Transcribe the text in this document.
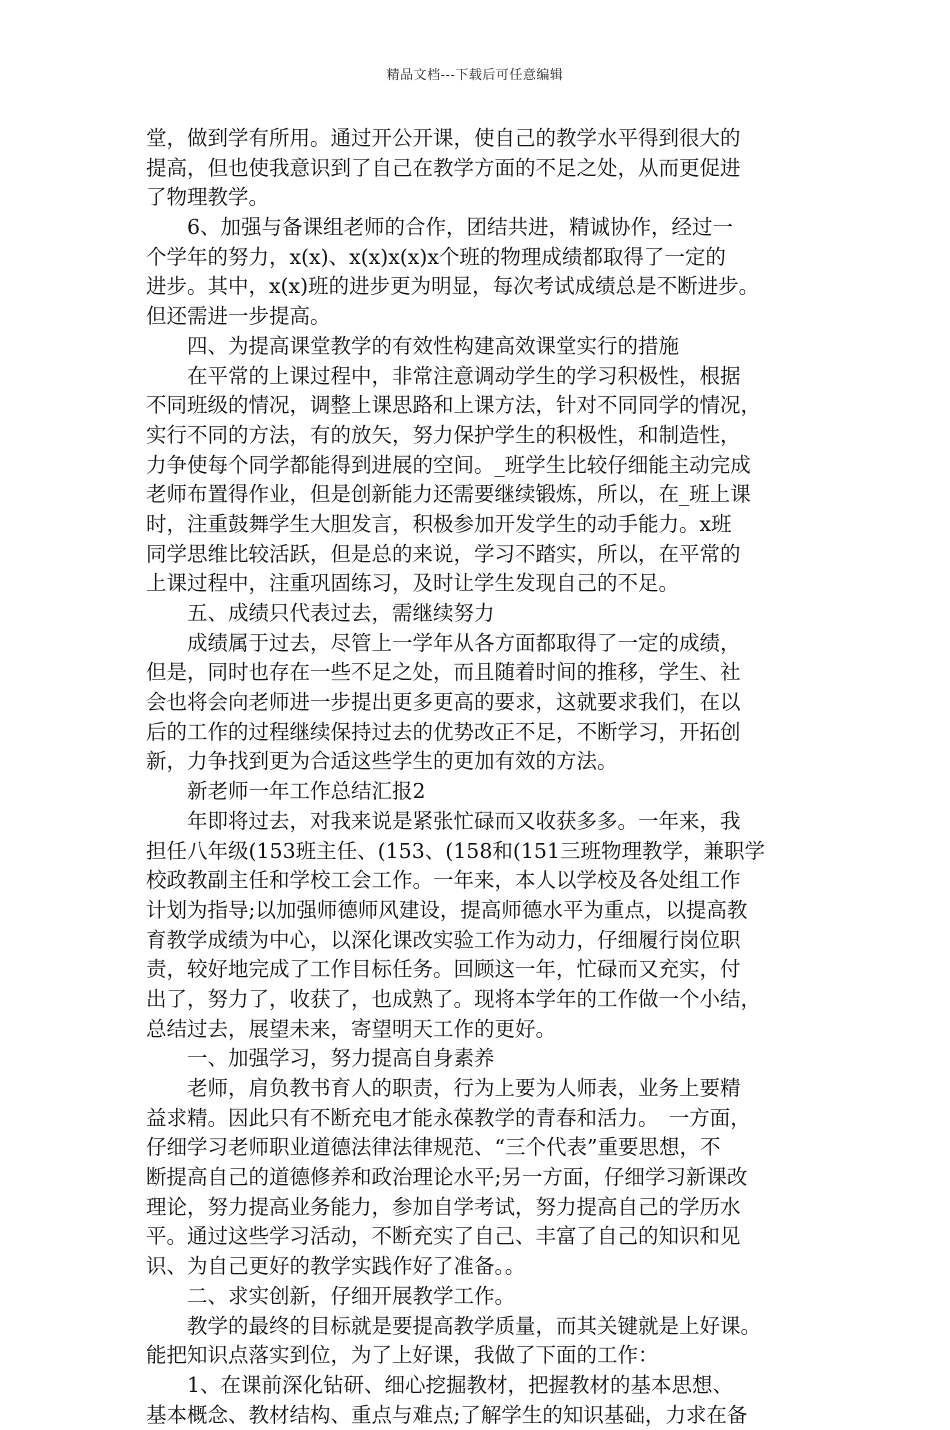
精品文档---下载后可任意编辑
堂，做到学有所用。通过开公开课，使自己的教学水平得到很大的
提高，但也使我意识到了自己在教学方面的不足之处，从而更促进
了物理教学。
　　6、加强与备课组老师的合作，团结共进，精诚协作，经过一
个学年的努力，x(x)、x(x)x(x)x个班的物理成绩都取得了一定的
进步。其中，x(x)班的进步更为明显，每次考试成绩总是不断进步。
但还需进一步提高。
　　四、为提高课堂教学的有效性构建高效课堂实行的措施
　　在平常的上课过程中，非常注意调动学生的学习积极性，根据
不同班级的情况，调整上课思路和上课方法，针对不同同学的情况，
实行不同的方法，有的放矢，努力保护学生的积极性，和制造性，
力争使每个同学都能得到进展的空间。_班学生比较仔细能主动完成
老师布置得作业，但是创新能力还需要继续锻炼，所以，在_班上课
时，注重鼓舞学生大胆发言，积极参加开发学生的动手能力。x班
同学思维比较活跃，但是总的来说，学习不踏实，所以，在平常的
上课过程中，注重巩固练习，及时让学生发现自己的不足。
　　五、成绩只代表过去，需继续努力
　　成绩属于过去，尽管上一学年从各方面都取得了一定的成绩，
但是，同时也存在一些不足之处，而且随着时间的推移，学生、社
会也将会向老师进一步提出更多更高的要求，这就要求我们，在以
后的工作的过程继续保持过去的优势改正不足，不断学习，开拓创
新，力争找到更为合适这些学生的更加有效的方法。
　　新老师一年工作总结汇报2
　　年即将过去，对我来说是紧张忙碌而又收获多多。一年来，我
担任八年级(153班主任、(153、(158和(151三班物理教学，兼职学
校政教副主任和学校工会工作。一年来，本人以学校及各处组工作
计划为指导;以加强师德师风建设，提高师德水平为重点，以提高教
育教学成绩为中心，以深化课改实验工作为动力，仔细履行岗位职
责，较好地完成了工作目标任务。回顾这一年，忙碌而又充实，付
出了，努力了，收获了，也成熟了。现将本学年的工作做一个小结，
总结过去，展望未来，寄望明天工作的更好。
　　一、加强学习，努力提高自身素养
　　老师，肩负教书育人的职责，行为上要为人师表，业务上要精
益求精。因此只有不断充电才能永葆教学的青春和活力。　一方面，
仔细学习老师职业道德法律法律规范、“三个代表”重要思想，不
断提高自己的道德修养和政治理论水平;另一方面，仔细学习新课改
理论，努力提高业务能力，参加自学考试，努力提高自己的学历水
平。通过这些学习活动，不断充实了自己、丰富了自己的知识和见
识、为自己更好的教学实践作好了准备。。
　　二、求实创新，仔细开展教学工作。
　　教学的最终的目标就是要提高教学质量，而其关键就是上好课。
能把知识点落实到位，为了上好课，我做了下面的工作：
　　1、在课前深化钻研、细心挖掘教材，把握教材的基本思想、
基本概念、教材结构、重点与难点;了解学生的知识基础，力求在备
